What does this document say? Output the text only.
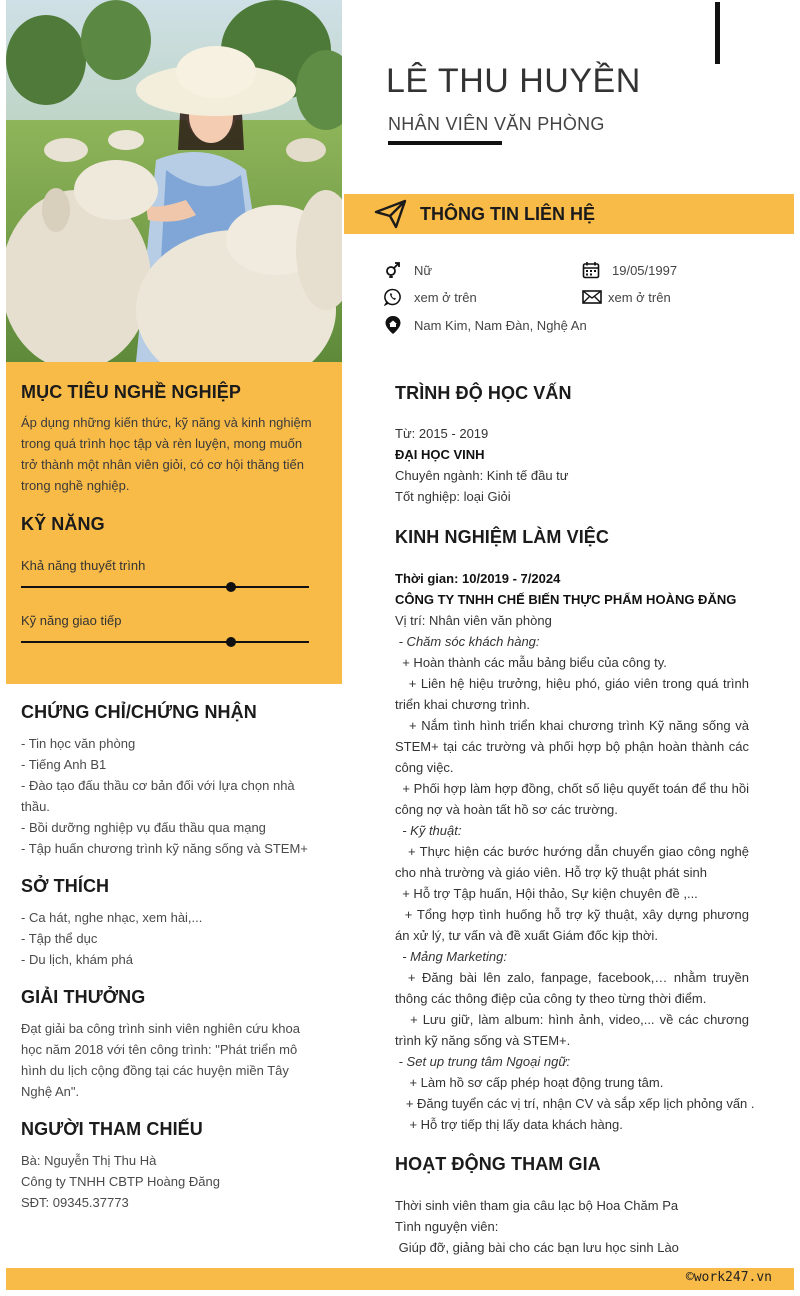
MỤC TIÊU NGHỀ NGHIỆP
Áp dụng những kiến thức, kỹ năng và kinh nghiệm
trong quá trình học tập và rèn luyện, mong muốn
trở thành một nhân viên giỏi, có cơ hội thăng tiến
trong nghề nghiệp.
KỸ NĂNG
Khả năng thuyết trình
Kỹ năng giao tiếp
CHỨNG CHỈ/CHỨNG NHẬN
- Tin học văn phòng
- Tiếng Anh B1
- Đào tạo đấu thầu cơ bản đối với lựa chọn nhà
thầu.
- Bồi dưỡng nghiệp vụ đấu thầu qua mạng
- Tập huấn chương trình kỹ năng sống và STEM+
SỞ THÍCH
- Ca hát, nghe nhạc, xem hài,...
- Tập thể dục
- Du lịch, khám phá
GIẢI THƯỞNG
Đạt giải ba công trình sinh viên nghiên cứu khoa
học năm 2018 với tên công trình: "Phát triển mô
hình du lịch cộng đồng tại các huyện miền Tây
Nghệ An".
NGƯỜI THAM CHIẾU
Bà: Nguyễn Thị Thu Hà
Công ty TNHH CBTP Hoàng Đăng
SĐT: 09345.37773
LÊ THU HUYỀN
NHÂN VIÊN VĂN PHÒNG
THÔNG TIN LIÊN HỆ
Nữ	19/05/1997
xem ở trên	xem ở trên
Nam Kim, Nam Đàn, Nghệ An
TRÌNH ĐỘ HỌC VẤN
Từ: 2015 - 2019
ĐẠI HỌC VINH
Chuyên ngành: Kinh tế đầu tư
Tốt nghiệp: loại Giỏi
KINH NGHIỆM LÀM VIỆC
Thời gian: 10/2019 - 7/2024
CÔNG TY TNHH CHẾ BIẾN THỰC PHẨM HOÀNG ĐĂNG
Vị trí: Nhân viên văn phòng
- Chăm sóc khách hàng:
+ Hoàn thành các mẫu bảng biểu của công ty.
+ Liên hệ hiệu trưởng, hiệu phó, giáo viên trong quá trình triển khai chương trình.
+ Nắm tình hình triển khai chương trình Kỹ năng sống và STEM+ tại các trường và phối hợp bộ phận hoàn thành các công việc.
+ Phối hợp làm hợp đồng, chốt số liệu quyết toán để thu hồi công nợ và hoàn tất hồ sơ các trường.
- Kỹ thuật:
+ Thực hiện các bước hướng dẫn chuyển giao công nghệ cho nhà trường và giáo viên. Hỗ trợ kỹ thuật phát sinh
+ Hỗ trợ Tập huấn, Hội thảo, Sự kiện chuyên đề ,...
+ Tổng hợp tình huống hỗ trợ kỹ thuật, xây dựng phương án xử lý, tư vấn và đề xuất Giám đốc kịp thời.
- Mảng Marketing:
+ Đăng bài lên zalo, fanpage, facebook,… nhằm truyền thông các thông điệp của công ty theo từng thời điểm.
+ Lưu giữ, làm album: hình ảnh, video,... về các chương trình kỹ năng sống và STEM+.
- Set up trung tâm Ngoại ngữ:
+ Làm hồ sơ cấp phép hoạt động trung tâm.
+ Đăng tuyển các vị trí, nhận CV và sắp xếp lịch phỏng vấn .
+ Hỗ trợ tiếp thị lấy data khách hàng.
HOẠT ĐỘNG THAM GIA
Thời sinh viên tham gia câu lạc bộ Hoa Chăm Pa
Tình nguyện viên:
Giúp đỡ, giảng bài cho các bạn lưu học sinh Lào
©work247.vn
